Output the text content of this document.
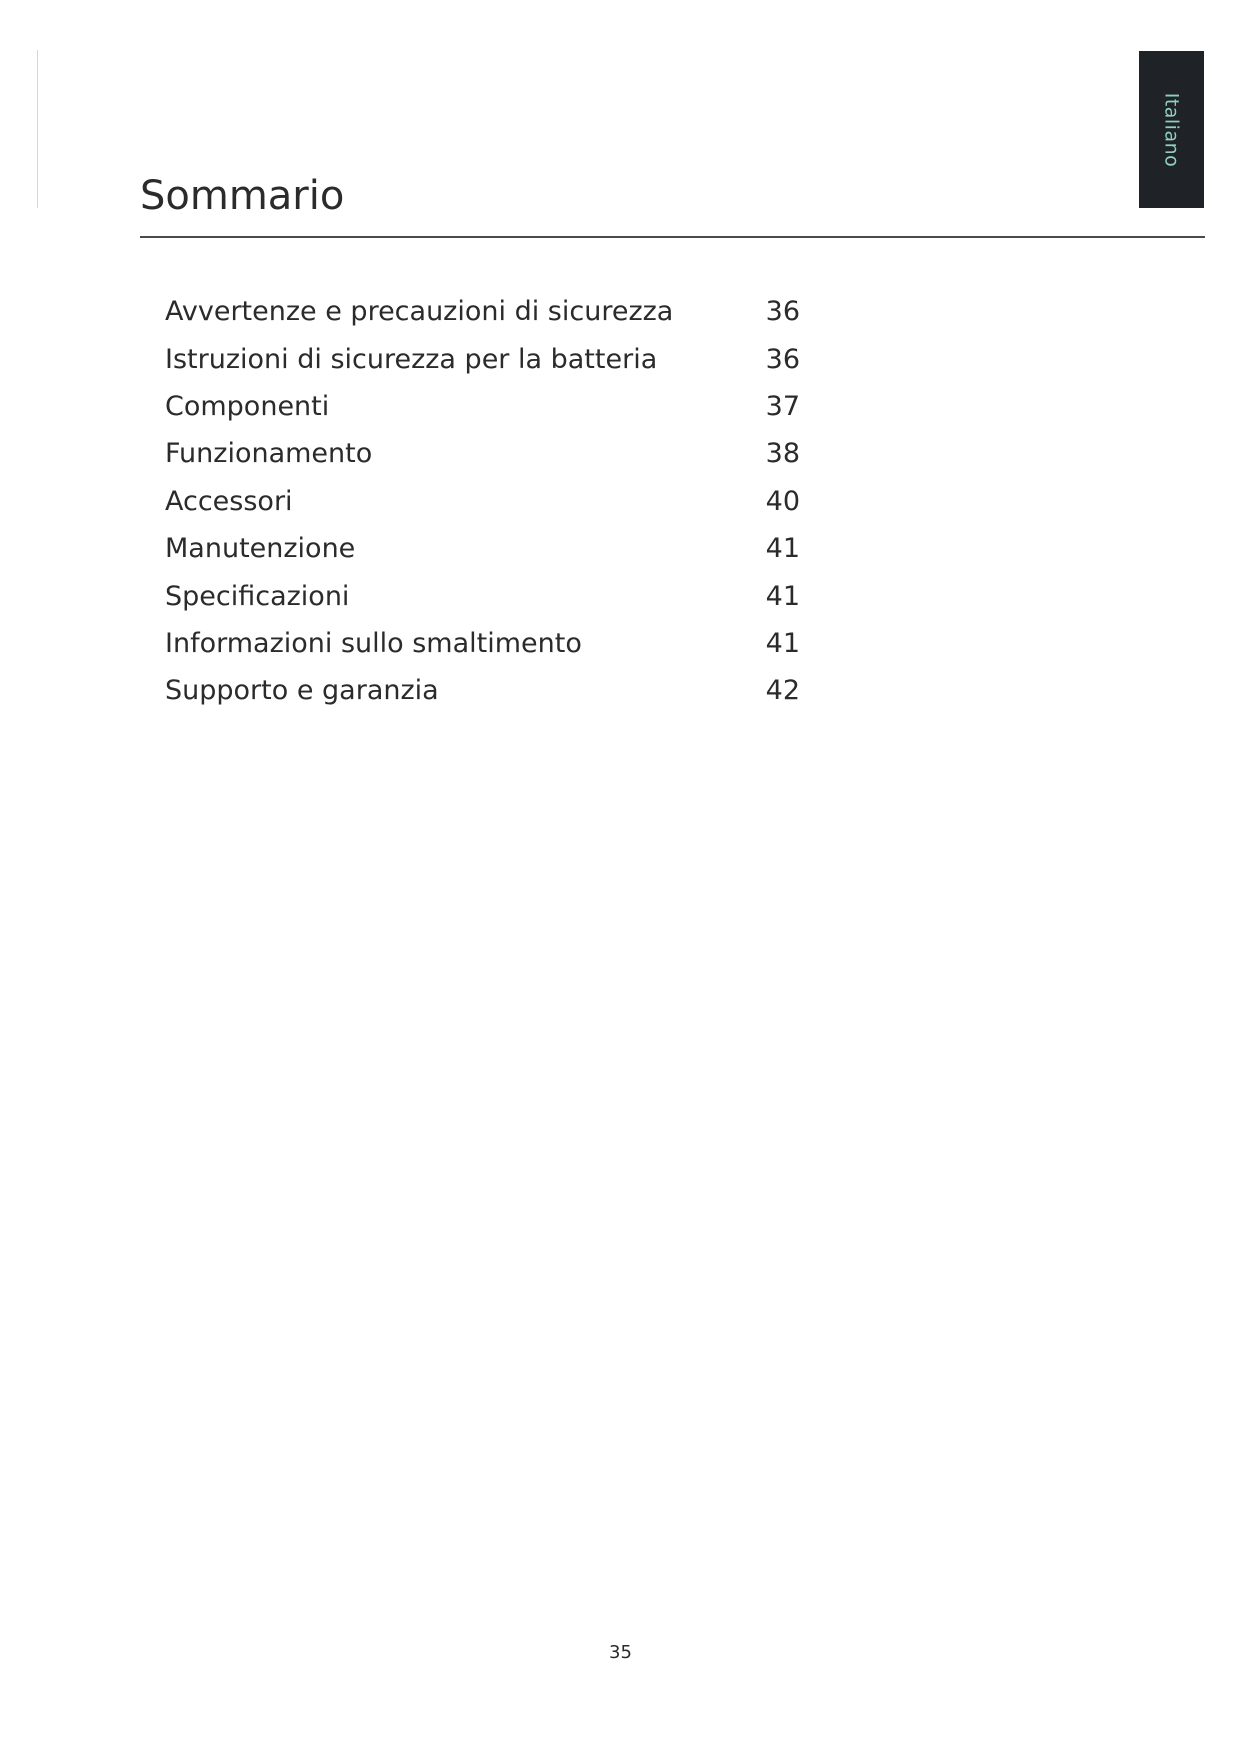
Italiano
Sommario
Avvertenze e precauzioni di sicurezza	36
Istruzioni di sicurezza per la batteria	36
Componenti	37
Funzionamento	38
Accessori	40
Manutenzione	41
Specificazioni	41
Informazioni sullo smaltimento	41
Supporto e garanzia	42
35
